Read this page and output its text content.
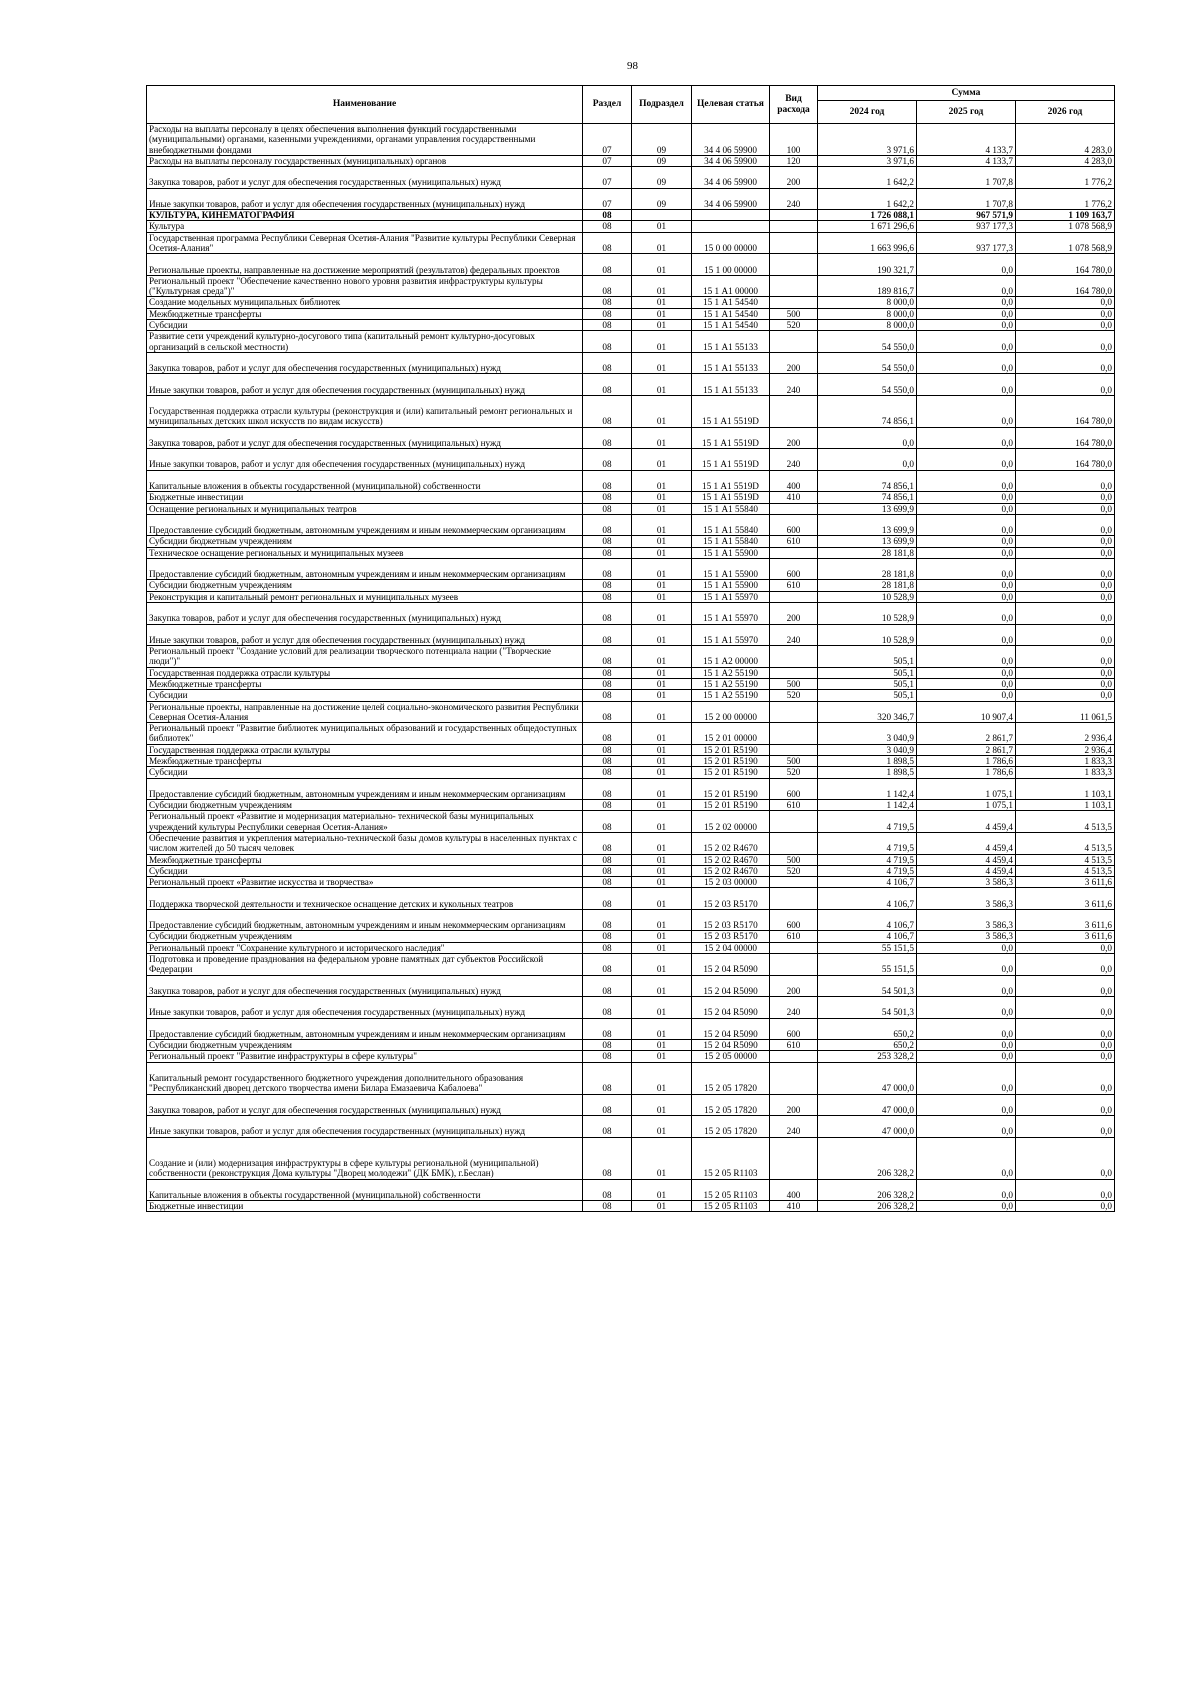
98
Наименование	Раздел	Подраздел	Целевая статья	Вид расхода	Сумма		
					2024 год	2025 год	2026 год
Расходы на выплаты персоналу в целях обеспечения выполнения функций государственными (муниципальными) органами, казенными учреждениями, органами управления государственными внебюджетными фондами	07	09	34 4 06 59900	100	3 971,6	4 133,7	4 283,0
Расходы на выплаты персоналу государственных (муниципальных) органов	07	09	34 4 06 59900	120	3 971,6	4 133,7	4 283,0
Закупка товаров, работ и услуг для обеспечения государственных (муниципальных) нужд	07	09	34 4 06 59900	200	1 642,2	1 707,8	1 776,2
Иные закупки товаров, работ и услуг для обеспечения государственных (муниципальных) нужд	07	09	34 4 06 59900	240	1 642,2	1 707,8	1 776,2
КУЛЬТУРА, КИНЕМАТОГРАФИЯ	08				1 726 088,1	967 571,9	1 109 163,7
Культура	08	01			1 671 296,6	937 177,3	1 078 568,9
Государственная программа Республики Северная Осетия-Алания "Развитие культуры Республики Северная Осетия-Алания"	08	01	15 0 00 00000		1 663 996,6	937 177,3	1 078 568,9
Региональные проекты, направленные на достижение мероприятий (результатов) федеральных проектов	08	01	15 1 00 00000		190 321,7	0,0	164 780,0
Региональный проект "Обеспечение качественно нового уровня развития инфраструктуры культуры ("Культурная среда")"	08	01	15 1 А1 00000		189 816,7	0,0	164 780,0
Создание модельных муниципальных библиотек	08	01	15 1 А1 54540		8 000,0	0,0	0,0
Межбюджетные трансферты	08	01	15 1 А1 54540	500	8 000,0	0,0	0,0
Субсидии	08	01	15 1 А1 54540	520	8 000,0	0,0	0,0
Развитие сети учреждений культурно-досугового типа (капитальный ремонт культурно-досуговых организаций в сельской местности)	08	01	15 1 А1 55133		54 550,0	0,0	0,0
Закупка товаров, работ и услуг для обеспечения государственных (муниципальных) нужд	08	01	15 1 А1 55133	200	54 550,0	0,0	0,0
Иные закупки товаров, работ и услуг для обеспечения государственных (муниципальных) нужд	08	01	15 1 А1 55133	240	54 550,0	0,0	0,0
Государственная поддержка отрасли культуры (реконструкция и (или) капитальный ремонт региональных и муниципальных детских школ искусств по видам искусств)	08	01	15 1 А1 5519D		74 856,1	0,0	164 780,0
Закупка товаров, работ и услуг для обеспечения государственных (муниципальных) нужд	08	01	15 1 А1 5519D	200	0,0	0,0	164 780,0
Иные закупки товаров, работ и услуг для обеспечения государственных (муниципальных) нужд	08	01	15 1 А1 5519D	240	0,0	0,0	164 780,0
Капитальные вложения в объекты государственной (муниципальной) собственности	08	01	15 1 А1 5519D	400	74 856,1	0,0	0,0
Бюджетные инвестиции	08	01	15 1 А1 5519D	410	74 856,1	0,0	0,0
Оснащение региональных и муниципальных театров	08	01	15 1 А1 55840		13 699,9	0,0	0,0
Предоставление субсидий бюджетным, автономным учреждениям и иным некоммерческим организациям	08	01	15 1 А1 55840	600	13 699,9	0,0	0,0
Субсидии бюджетным учреждениям	08	01	15 1 А1 55840	610	13 699,9	0,0	0,0
Техническое оснащение региональных и муниципальных музеев	08	01	15 1 А1 55900		28 181,8	0,0	0,0
Предоставление субсидий бюджетным, автономным учреждениям и иным некоммерческим организациям	08	01	15 1 А1 55900	600	28 181,8	0,0	0,0
Субсидии бюджетным учреждениям	08	01	15 1 А1 55900	610	28 181,8	0,0	0,0
Реконструкция и капитальный ремонт региональных и муниципальных музеев	08	01	15 1 А1 55970		10 528,9	0,0	0,0
Закупка товаров, работ и услуг для обеспечения государственных (муниципальных) нужд	08	01	15 1 А1 55970	200	10 528,9	0,0	0,0
Иные закупки товаров, работ и услуг для обеспечения государственных (муниципальных) нужд	08	01	15 1 А1 55970	240	10 528,9	0,0	0,0
Региональный проект "Создание условий для реализации творческого потенциала нации ("Творческие люди")"	08	01	15 1 А2 00000		505,1	0,0	0,0
Государственная поддержка отрасли культуры	08	01	15 1 А2 55190		505,1	0,0	0,0
Межбюджетные трансферты	08	01	15 1 А2 55190	500	505,1	0,0	0,0
Субсидии	08	01	15 1 А2 55190	520	505,1	0,0	0,0
Региональные проекты, направленные на достижение целей социально-экономического развития Республики Северная Осетия-Алания	08	01	15 2 00 00000		320 346,7	10 907,4	11 061,5
Региональный проект "Развитие библиотек муниципальных образований и государственных общедоступных библиотек"	08	01	15 2 01 00000		3 040,9	2 861,7	2 936,4
Государственная поддержка отрасли культуры	08	01	15 2 01 R5190		3 040,9	2 861,7	2 936,4
Межбюджетные трансферты	08	01	15 2 01 R5190	500	1 898,5	1 786,6	1 833,3
Субсидии	08	01	15 2 01 R5190	520	1 898,5	1 786,6	1 833,3
Предоставление субсидий бюджетным, автономным учреждениям и иным некоммерческим организациям	08	01	15 2 01 R5190	600	1 142,4	1 075,1	1 103,1
Субсидии бюджетным учреждениям	08	01	15 2 01 R5190	610	1 142,4	1 075,1	1 103,1
Региональный проект «Развитие и модернизация материально- технической базы муниципальных учреждений культуры Республики северная Осетия-Алания»	08	01	15 2 02 00000		4 719,5	4 459,4	4 513,5
Обеспечение развития и укрепления материально-технической базы домов культуры в населенных пунктах с числом жителей до 50 тысяч человек	08	01	15 2 02 R4670		4 719,5	4 459,4	4 513,5
Межбюджетные трансферты	08	01	15 2 02 R4670	500	4 719,5	4 459,4	4 513,5
Субсидии	08	01	15 2 02 R4670	520	4 719,5	4 459,4	4 513,5
Региональный проект «Развитие искусства и творчества»	08	01	15 2 03 00000		4 106,7	3 586,3	3 611,6
Поддержка творческой деятельности и техническое оснащение детских и кукольных театров	08	01	15 2 03 R5170		4 106,7	3 586,3	3 611,6
Предоставление субсидий бюджетным, автономным учреждениям и иным некоммерческим организациям	08	01	15 2 03 R5170	600	4 106,7	3 586,3	3 611,6
Субсидии бюджетным учреждениям	08	01	15 2 03 R5170	610	4 106,7	3 586,3	3 611,6
Региональный проект "Сохранение культурного и исторического наследия"	08	01	15 2 04 00000		55 151,5	0,0	0,0
Подготовка и проведение празднования на федеральном уровне памятных дат субъектов Российской Федерации	08	01	15 2 04 R5090		55 151,5	0,0	0,0
Закупка товаров, работ и услуг для обеспечения государственных (муниципальных) нужд	08	01	15 2 04 R5090	200	54 501,3	0,0	0,0
Иные закупки товаров, работ и услуг для обеспечения государственных (муниципальных) нужд	08	01	15 2 04 R5090	240	54 501,3	0,0	0,0
Предоставление субсидий бюджетным, автономным учреждениям и иным некоммерческим организациям	08	01	15 2 04 R5090	600	650,2	0,0	0,0
Субсидии бюджетным учреждениям	08	01	15 2 04 R5090	610	650,2	0,0	0,0
Региональный проект "Развитие инфраструктуры в сфере культуры"	08	01	15 2 05 00000		253 328,2	0,0	0,0
Капитальный ремонт государственного бюджетного учреждения дополнительного образования "Республиканский дворец детского творчества имени Билара Емазаевича Кабалоева"	08	01	15 2 05 17820		47 000,0	0,0	0,0
Закупка товаров, работ и услуг для обеспечения государственных (муниципальных) нужд	08	01	15 2 05 17820	200	47 000,0	0,0	0,0
Иные закупки товаров, работ и услуг для обеспечения государственных (муниципальных) нужд	08	01	15 2 05 17820	240	47 000,0	0,0	0,0
Создание и (или) модернизация инфраструктуры в сфере культуры региональной (муниципальной) собственности (реконструкция Дома культуры "Дворец молодежи" (ДК БМК), г.Беслан)	08	01	15 2 05 R1103		206 328,2	0,0	0,0
Капитальные вложения в объекты государственной (муниципальной) собственности	08	01	15 2 05 R1103	400	206 328,2	0,0	0,0
Бюджетные инвестиции	08	01	15 2 05 R1103	410	206 328,2	0,0	0,0
